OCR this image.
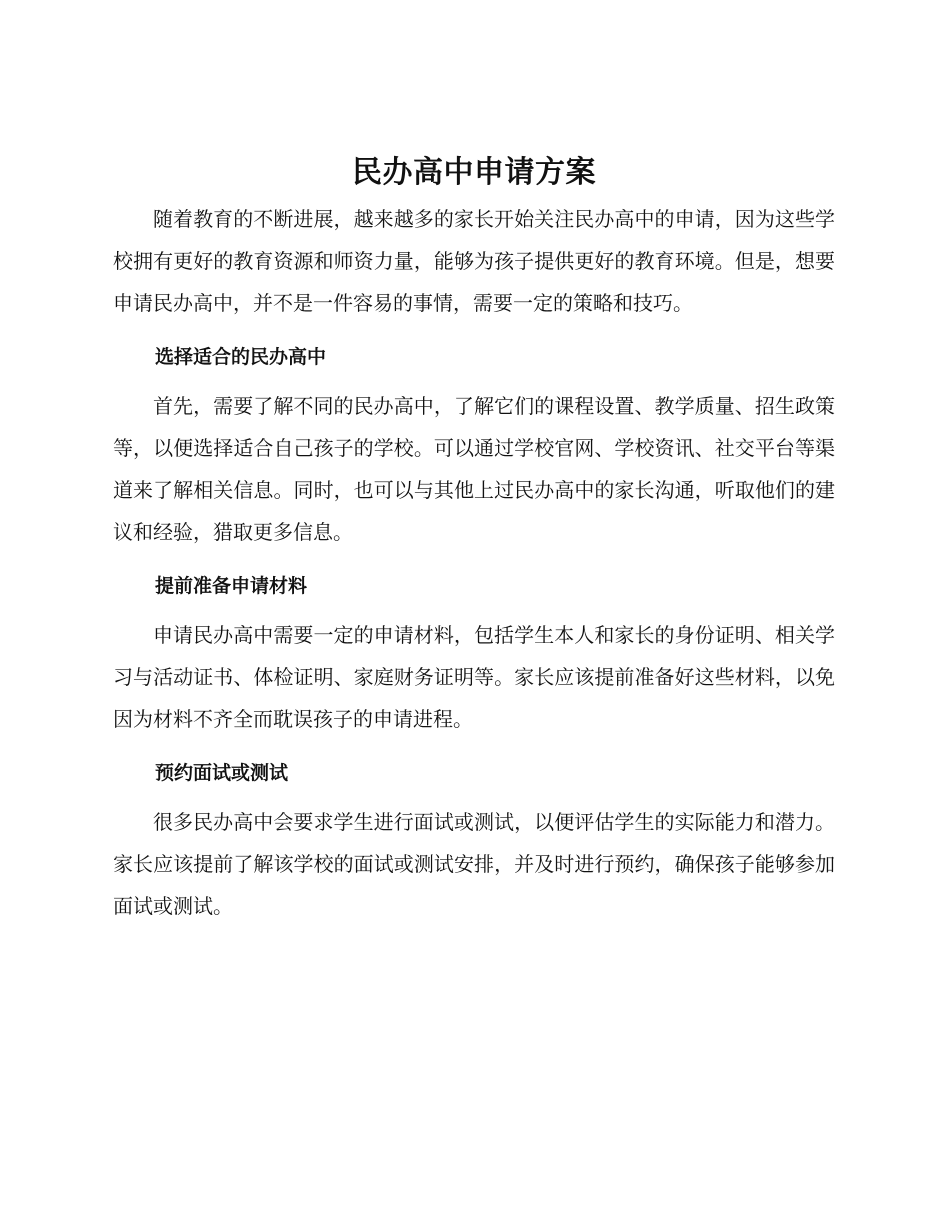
民办高中申请方案

随着教育的不断进展，越来越多的家长开始关注民办高中的申请，因为这些学校拥有更好的教育资源和师资力量，能够为孩子提供更好的教育环境。但是，想要申请民办高中，并不是一件容易的事情，需要一定的策略和技巧。

选择适合的民办高中

首先，需要了解不同的民办高中，了解它们的课程设置、教学质量、招生政策等，以便选择适合自己孩子的学校。可以通过学校官网、学校资讯、社交平台等渠道来了解相关信息。同时，也可以与其他上过民办高中的家长沟通，听取他们的建议和经验，猎取更多信息。

提前准备申请材料

申请民办高中需要一定的申请材料，包括学生本人和家长的身份证明、相关学习与活动证书、体检证明、家庭财务证明等。家长应该提前准备好这些材料，以免因为材料不齐全而耽误孩子的申请进程。

预约面试或测试

很多民办高中会要求学生进行面试或测试，以便评估学生的实际能力和潜力。家长应该提前了解该学校的面试或测试安排，并及时进行预约，确保孩子能够参加面试或测试。
